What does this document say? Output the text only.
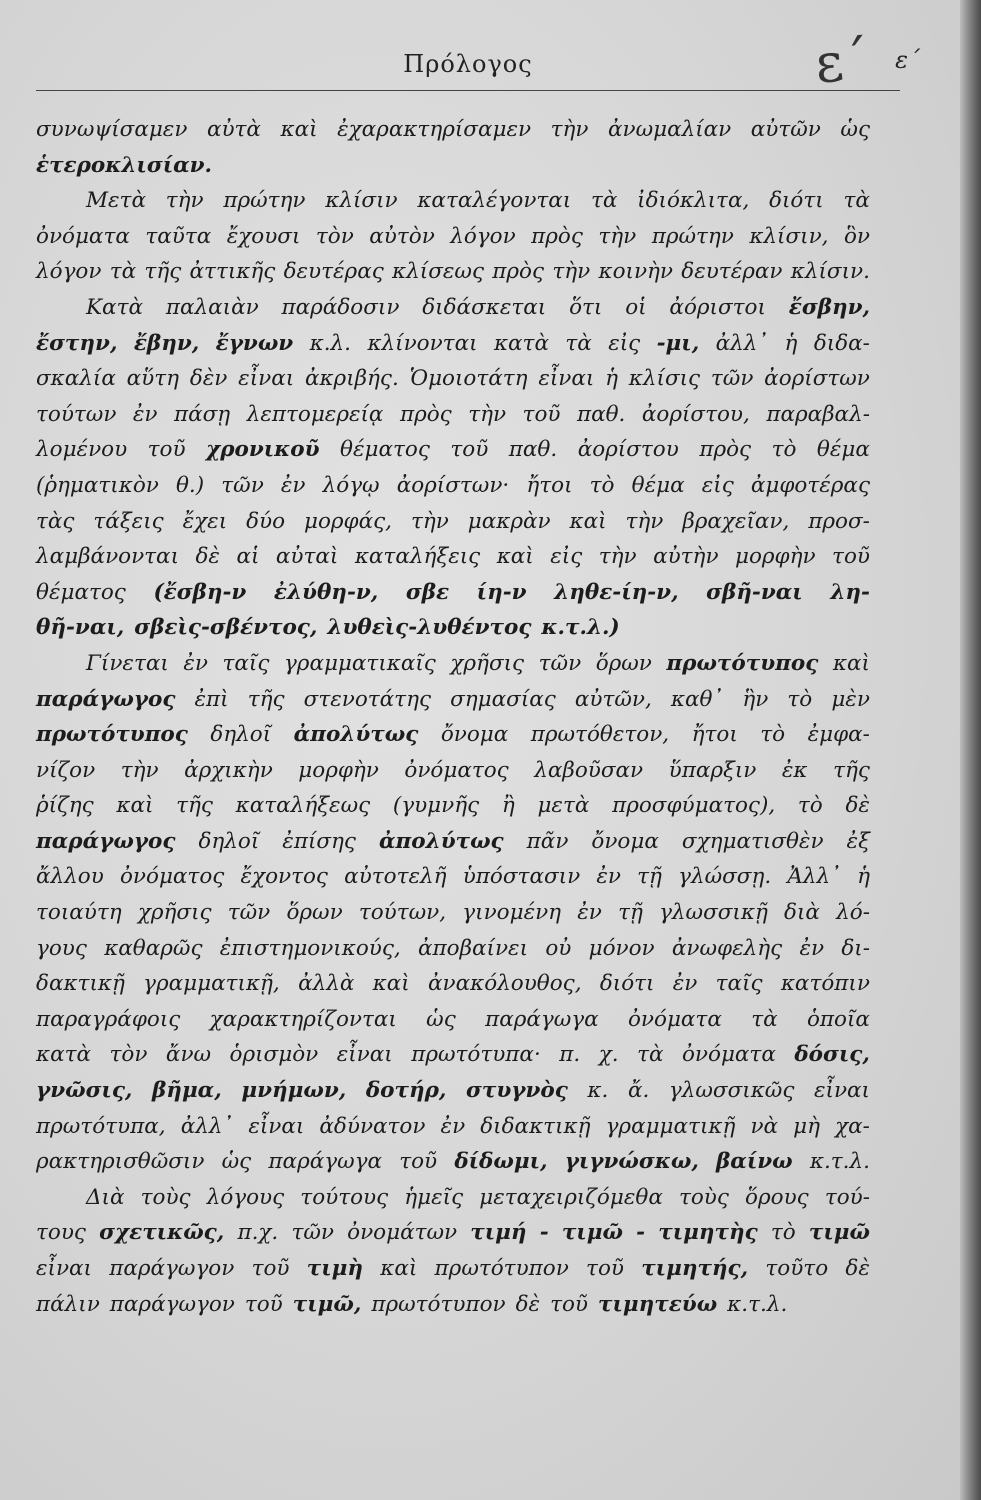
Πρόλογος	ε΄ ε΄
συνωψίσαμεν αὐτὰ καὶ ἐχαρακτηρίσαμεν τὴν ἀνωμαλίαν αὐτῶν ὡς
ἑτεροκλισίαν.
Μετὰ τὴν πρώτην κλίσιν καταλέγονται τὰ ἰδιόκλιτα, διότι τὰ
ὀνόματα ταῦτα ἔχουσι τὸν αὐτὸν λόγον πρὸς τὴν πρώτην κλίσιν, ὃν
λόγον τὰ τῆς ἀττικῆς δευτέρας κλίσεως πρὸς τὴν κοινὴν δευτέραν κλίσιν.
Κατὰ παλαιὰν παράδοσιν διδάσκεται ὅτι οἱ ἀόριστοι ἔσβην,
ἔστην, ἔβην, ἔγνων κ.λ. κλίνονται κατὰ τὰ εἰς -μι, ἀλλ᾽ ἡ διδα-
σκαλία αὕτη δὲν εἶναι ἀκριβής. Ὁμοιοτάτη εἶναι ἡ κλίσις τῶν ἀορίστων
τούτων ἐν πάσῃ λεπτομερείᾳ πρὸς τὴν τοῦ παθ. ἀορίστου, παραβαλ-
λομένου τοῦ χρονικοῦ θέματος τοῦ παθ. ἀορίστου πρὸς τὸ θέμα
(ῥηματικὸν θ.) τῶν ἐν λόγῳ ἀορίστων· ἤτοι τὸ θέμα εἰς ἀμφοτέρας
τὰς τάξεις ἔχει δύο μορφάς, τὴν μακρὰν καὶ τὴν βραχεῖαν, προσ-
λαμβάνονται δὲ αἱ αὐταὶ καταλήξεις καὶ εἰς τὴν αὐτὴν μορφὴν τοῦ
θέματος (ἔσβη-ν ἐλύθη-ν, σβε ίη-ν ληθε-ίη-ν, σβῆ-ναι λη-
θῆ-ναι, σβεὶς-σβέντος, λυθεὶς-λυθέντος κ.τ.λ.)
Γίνεται ἐν ταῖς γραμματικαῖς χρῆσις τῶν ὅρων πρωτότυπος καὶ
παράγωγος ἐπὶ τῆς στενοτάτης σημασίας αὐτῶν, καθ᾽ ἣν τὸ μὲν
πρωτότυπος δηλοῖ ἀπολύτως ὄνομα πρωτόθετον, ἤτοι τὸ ἐμφα-
νίζον τὴν ἀρχικὴν μορφὴν ὀνόματος λαβοῦσαν ὕπαρξιν ἐκ τῆς
ῥίζης καὶ τῆς καταλήξεως (γυμνῆς ἢ μετὰ προσφύματος), τὸ δὲ
παράγωγος δηλοῖ ἐπίσης ἀπολύτως πᾶν ὄνομα σχηματισθὲν ἐξ
ἄλλου ὀνόματος ἔχοντος αὐτοτελῆ ὑπόστασιν ἐν τῇ γλώσσῃ. Ἀλλ᾽ ἡ
τοιαύτη χρῆσις τῶν ὅρων τούτων, γινομένη ἐν τῇ γλωσσικῇ διὰ λό-
γους καθαρῶς ἐπιστημονικούς, ἀποβαίνει οὐ μόνον ἀνωφελὴς ἐν δι-
δακτικῇ γραμματικῇ, ἀλλὰ καὶ ἀνακόλουθος, διότι ἐν ταῖς κατόπιν
παραγράφοις χαρακτηρίζονται ὡς παράγωγα ὀνόματα τὰ ὁποῖα
κατὰ τὸν ἄνω ὁρισμὸν εἶναι πρωτότυπα· π. χ. τὰ ὀνόματα δόσις,
γνῶσις, βῆμα, μνήμων, δοτήρ, στυγνὸς κ. ἄ. γλωσσικῶς εἶναι
πρωτότυπα, ἀλλ᾽ εἶναι ἀδύνατον ἐν διδακτικῇ γραμματικῇ νὰ μὴ χα-
ρακτηρισθῶσιν ὡς παράγωγα τοῦ δίδωμι, γιγνώσκω, βαίνω κ.τ.λ.
Διὰ τοὺς λόγους τούτους ἡμεῖς μεταχειριζόμεθα τοὺς ὅρους τού-
τους σχετικῶς, π.χ. τῶν ὀνομάτων τιμή - τιμῶ - τιμητὴς τὸ τιμῶ
εἶναι παράγωγον τοῦ τιμὴ καὶ πρωτότυπον τοῦ τιμητής, τοῦτο δὲ
πάλιν παράγωγον τοῦ τιμῶ, πρωτότυπον δὲ τοῦ τιμητεύω κ.τ.λ.
